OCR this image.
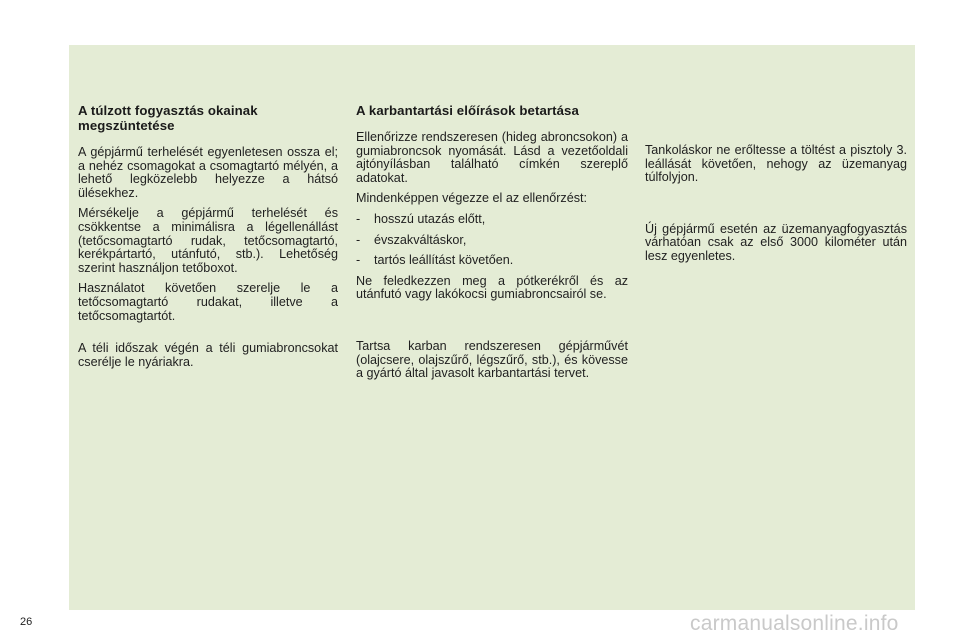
A túlzott fogyasztás okainak megszüntetése

A gépjármű terhelését egyenletesen ossza el; a nehéz csomagokat a csomagtartó mélyén, a lehető legközelebb helyezze a hátsó ülésekhez.

Mérsékelje a gépjármű terhelését és csökkentse a minimálisra a légellenállást (tetőcsomagtartó rudak, tetőcsomagtartó, kerékpártartó, utánfutó, stb.). Lehetőség szerint használjon tetőboxot.

Használatot követően szerelje le a tetőcsomagtartó rudakat, illetve a tetőcsomagtartót.

A téli időszak végén a téli gumiabroncsokat cserélje le nyáriakra.

A karbantartási előírások betartása

Ellenőrizze rendszeresen (hideg abroncsokon) a gumiabroncsok nyomását. Lásd a vezetőoldali ajtónyílásban található címkén szereplő adatokat.

Mindenképpen végezze el az ellenőrzést:

-	hosszú utazás előtt,
-	évszakváltáskor,
-	tartós leállítást követően.

Ne feledkezzen meg a pótkerékről és az utánfutó vagy lakókocsi gumiabroncsairól se.

Tartsa karban rendszeresen gépjárművét (olajcsere, olajszűrő, légszűrő, stb.), és kövesse a gyártó által javasolt karbantartási tervet.

Tankoláskor ne erőltesse a töltést a pisztoly 3. leállását követően, nehogy az üzemanyag túlfolyjon.

Új gépjármű esetén az üzemanyagfogyasztás várhatóan csak az első 3000 kilométer után lesz egyenletes.

26	carmanualsonline.info
